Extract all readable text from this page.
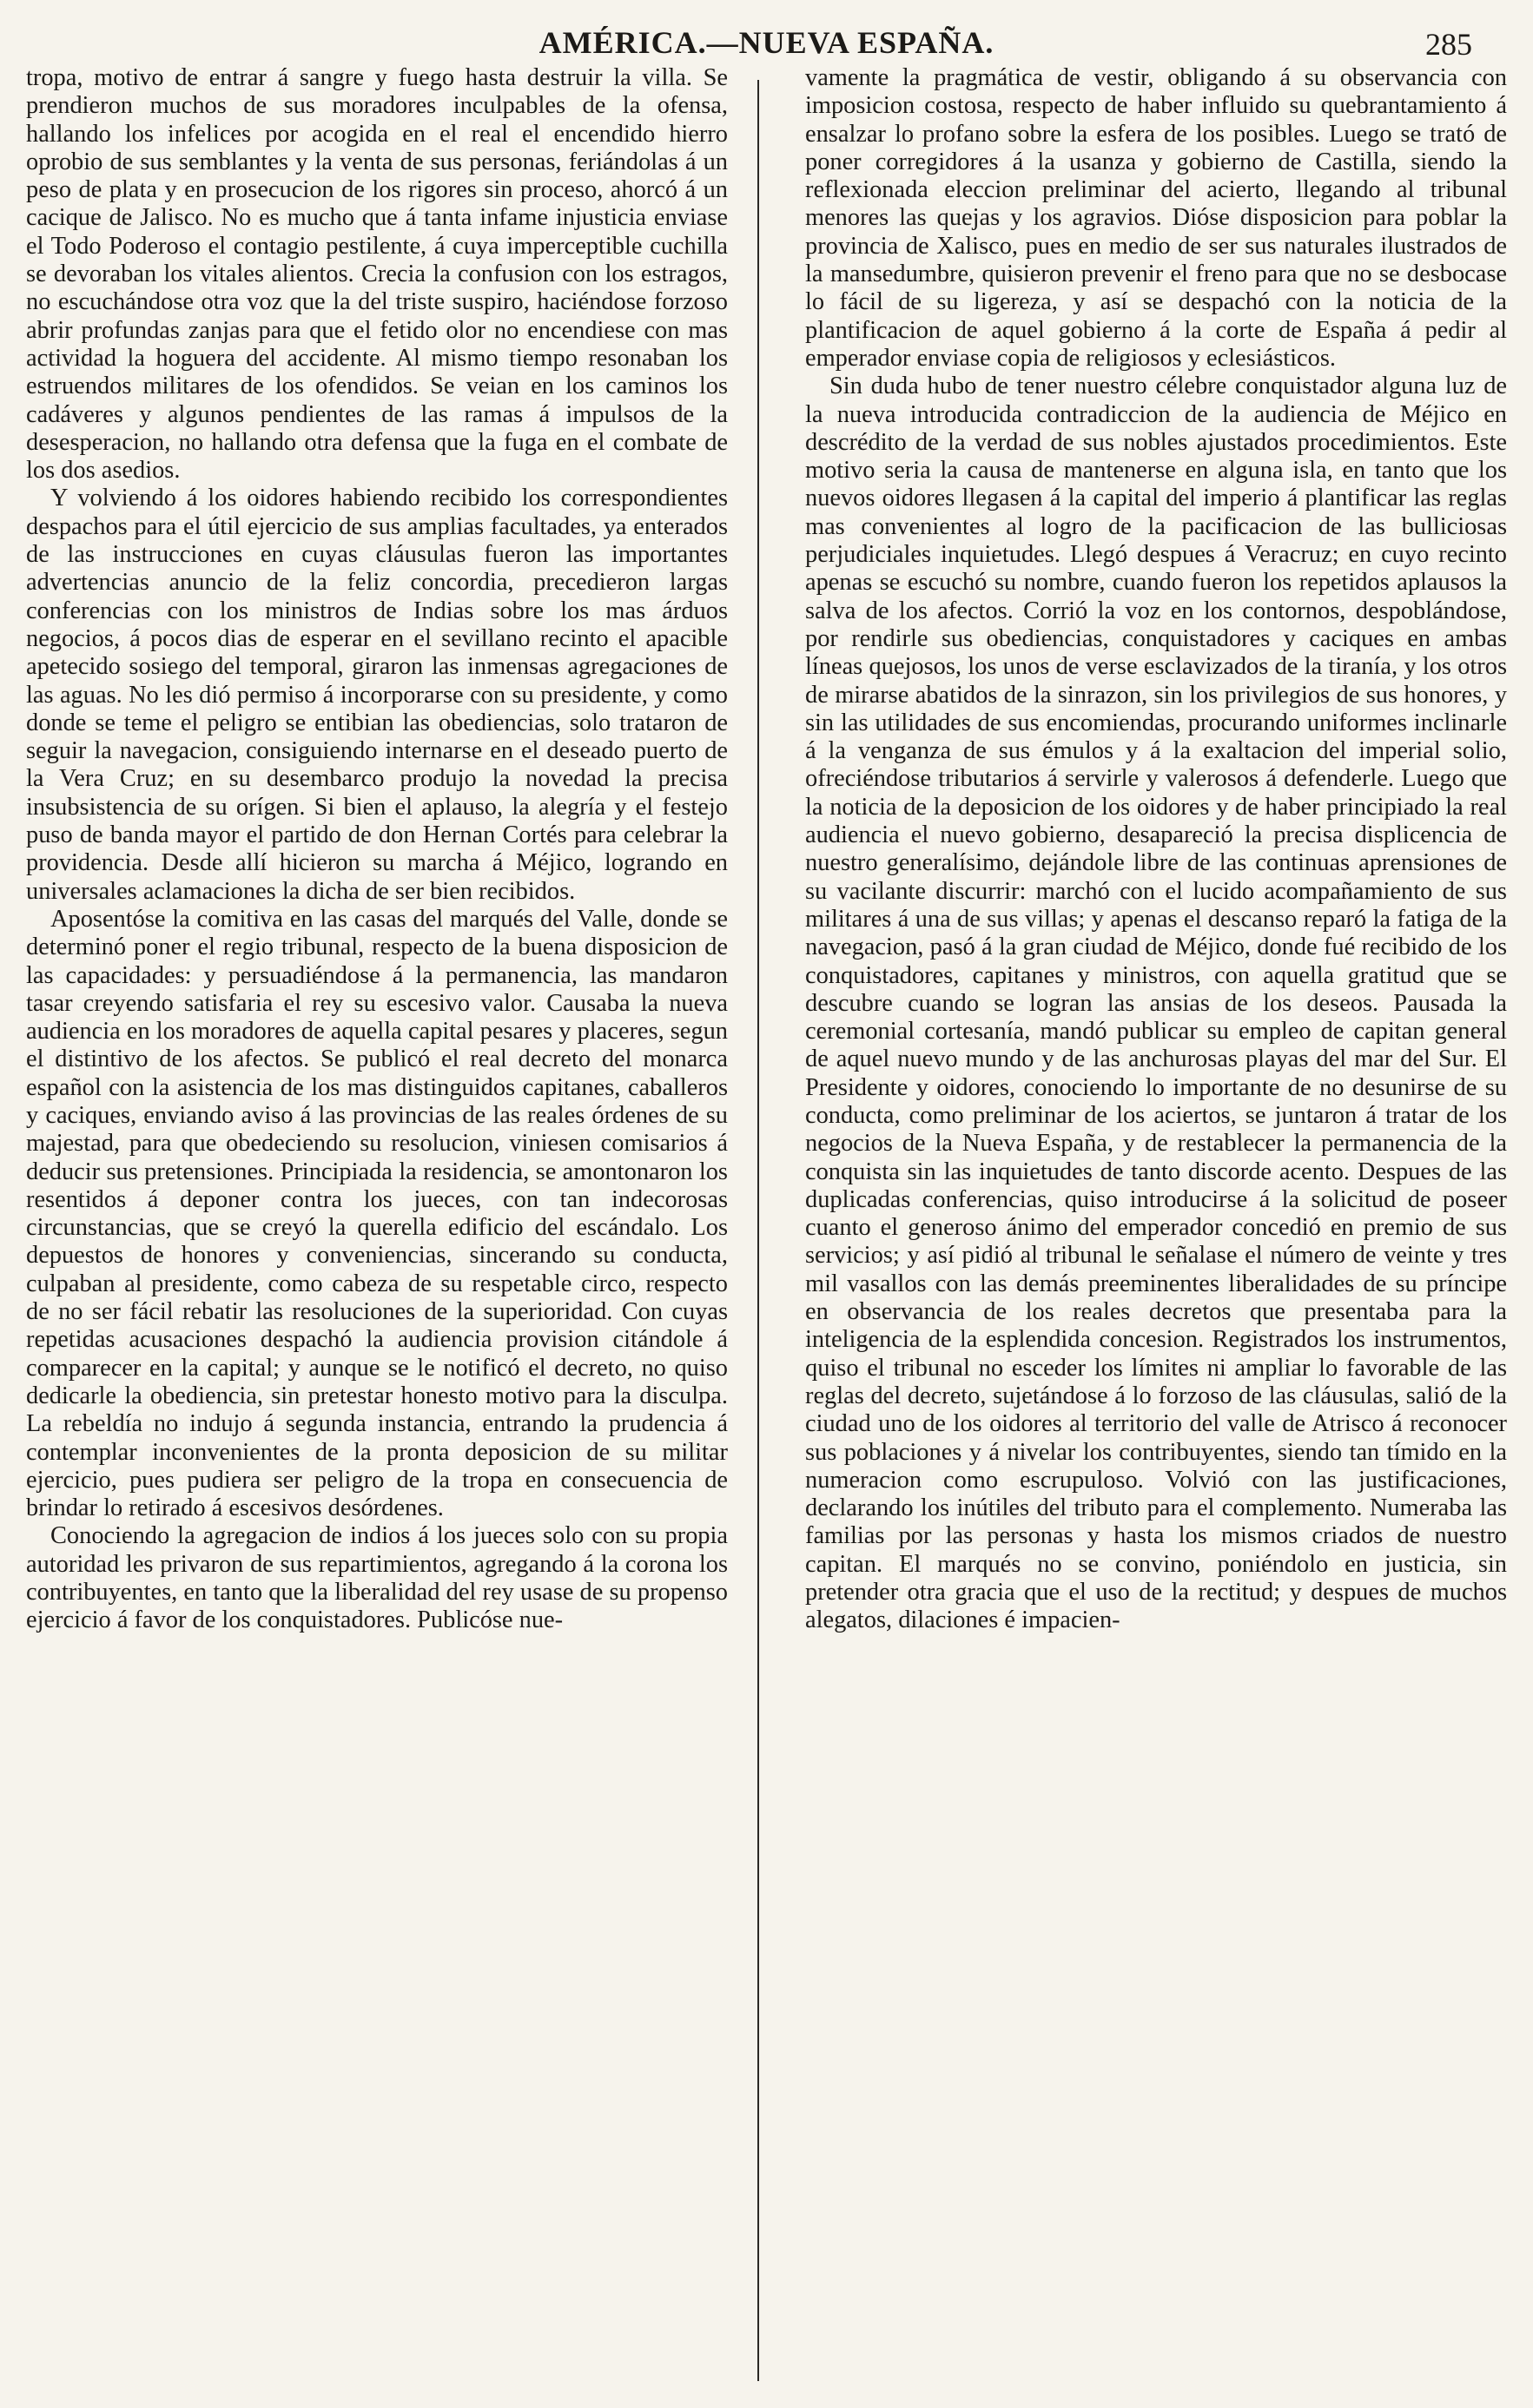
AMÉRICA.—NUEVA ESPAÑA.	285

tropa, motivo de entrar á sangre y fuego hasta destruir la villa. Se prendieron muchos de sus moradores inculpables de la ofensa, hallando los infelices por acogida en el real el encendido hierro oprobio de sus semblantes y la venta de sus personas, feriándolas á un peso de plata y en prosecucion de los rigores sin proceso, ahorcó á un cacique de Jalisco. No es mucho que á tanta infame injusticia enviase el Todo Poderoso el contagio pestilente, á cuya imperceptible cuchilla se devoraban los vitales alientos. Crecia la confusion con los estragos, no escuchándose otra voz que la del triste suspiro, haciéndose forzoso abrir profundas zanjas para que el fetido olor no encendiese con mas actividad la hoguera del accidente. Al mismo tiempo resonaban los estruendos militares de los ofendidos. Se veian en los caminos los cadáveres y algunos pendientes de las ramas á impulsos de la desesperacion, no hallando otra defensa que la fuga en el combate de los dos asedios.

Y volviendo á los oidores habiendo recibido los correspondientes despachos para el útil ejercicio de sus amplias facultades, ya enterados de las instrucciones en cuyas cláusulas fueron las importantes advertencias anuncio de la feliz concordia, precedieron largas conferencias con los ministros de Indias sobre los mas árduos negocios, á pocos dias de esperar en el sevillano recinto el apacible apetecido sosiego del temporal, giraron las inmensas agregaciones de las aguas. No les dió permiso á incorporarse con su presidente, y como donde se teme el peligro se entibian las obediencias, solo trataron de seguir la navegacion, consiguiendo internarse en el deseado puerto de la Vera Cruz; en su desembarco produjo la novedad la precisa insubsistencia de su orígen. Si bien el aplauso, la alegría y el festejo puso de banda mayor el partido de don Hernan Cortés para celebrar la providencia. Desde allí hicieron su marcha á Méjico, logrando en universales aclamaciones la dicha de ser bien recibidos.

Aposentóse la comitiva en las casas del marqués del Valle, donde se determinó poner el regio tribunal, respecto de la buena disposicion de las capacidades: y persuadiéndose á la permanencia, las mandaron tasar creyendo satisfaria el rey su escesivo valor. Causaba la nueva audiencia en los moradores de aquella capital pesares y placeres, segun el distintivo de los afectos. Se publicó el real decreto del monarca español con la asistencia de los mas distinguidos capitanes, caballeros y caciques, enviando aviso á las provincias de las reales órdenes de su majestad, para que obedeciendo su resolucion, viniesen comisarios á deducir sus pretensiones. Principiada la residencia, se amontonaron los resentidos á deponer contra los jueces, con tan indecorosas circunstancias, que se creyó la querella edificio del escándalo. Los depuestos de honores y conveniencias, sincerando su conducta, culpaban al presidente, como cabeza de su respetable circo, respecto de no ser fácil rebatir las resoluciones de la superioridad. Con cuyas repetidas acusaciones despachó la audiencia provision citándole á comparecer en la capital; y aunque se le notificó el decreto, no quiso dedicarle la obediencia, sin pretestar honesto motivo para la disculpa. La rebeldía no indujo á segunda instancia, entrando la prudencia á contemplar inconvenientes de la pronta deposicion de su militar ejercicio, pues pudiera ser peligro de la tropa en consecuencia de brindar lo retirado á escesivos desórdenes.

Conociendo la agregacion de indios á los jueces solo con su propia autoridad les privaron de sus repartimientos, agregando á la corona los contribuyentes, en tanto que la liberalidad del rey usase de su propenso ejercicio á favor de los conquistadores. Publicóse nue-

vamente la pragmática de vestir, obligando á su observancia con imposicion costosa, respecto de haber influido su quebrantamiento á ensalzar lo profano sobre la esfera de los posibles. Luego se trató de poner corregidores á la usanza y gobierno de Castilla, siendo la reflexionada eleccion preliminar del acierto, llegando al tribunal menores las quejas y los agravios. Dióse disposicion para poblar la provincia de Xalisco, pues en medio de ser sus naturales ilustrados de la mansedumbre, quisieron prevenir el freno para que no se desbocase lo fácil de su ligereza, y así se despachó con la noticia de la plantificacion de aquel gobierno á la corte de España á pedir al emperador enviase copia de religiosos y eclesiásticos.

Sin duda hubo de tener nuestro célebre conquistador alguna luz de la nueva introducida contradiccion de la audiencia de Méjico en descrédito de la verdad de sus nobles ajustados procedimientos. Este motivo seria la causa de mantenerse en alguna isla, en tanto que los nuevos oidores llegasen á la capital del imperio á plantificar las reglas mas convenientes al logro de la pacificacion de las bulliciosas perjudiciales inquietudes. Llegó despues á Veracruz; en cuyo recinto apenas se escuchó su nombre, cuando fueron los repetidos aplausos la salva de los afectos. Corrió la voz en los contornos, despoblándose, por rendirle sus obediencias, conquistadores y caciques en ambas líneas quejosos, los unos de verse esclavizados de la tiranía, y los otros de mirarse abatidos de la sinrazon, sin los privilegios de sus honores, y sin las utilidades de sus encomiendas, procurando uniformes inclinarle á la venganza de sus émulos y á la exaltacion del imperial solio, ofreciéndose tributarios á servirle y valerosos á defenderle. Luego que la noticia de la deposicion de los oidores y de haber principiado la real audiencia el nuevo gobierno, desapareció la precisa displicencia de nuestro generalísimo, dejándole libre de las continuas aprensiones de su vacilante discurrir: marchó con el lucido acompañamiento de sus militares á una de sus villas; y apenas el descanso reparó la fatiga de la navegacion, pasó á la gran ciudad de Méjico, donde fué recibido de los conquistadores, capitanes y ministros, con aquella gratitud que se descubre cuando se logran las ansias de los deseos. Pausada la ceremonial cortesanía, mandó publicar su empleo de capitan general de aquel nuevo mundo y de las anchurosas playas del mar del Sur. El Presidente y oidores, conociendo lo importante de no desunirse de su conducta, como preliminar de los aciertos, se juntaron á tratar de los negocios de la Nueva España, y de restablecer la permanencia de la conquista sin las inquietudes de tanto discorde acento. Despues de las duplicadas conferencias, quiso introducirse á la solicitud de poseer cuanto el generoso ánimo del emperador concedió en premio de sus servicios; y así pidió al tribunal le señalase el número de veinte y tres mil vasallos con las demás preeminentes liberalidades de su príncipe en observancia de los reales decretos que presentaba para la inteligencia de la esplendida concesion. Registrados los instrumentos, quiso el tribunal no esceder los límites ni ampliar lo favorable de las reglas del decreto, sujetándose á lo forzoso de las cláusulas, salió de la ciudad uno de los oidores al territorio del valle de Atrisco á reconocer sus poblaciones y á nivelar los contribuyentes, siendo tan tímido en la numeracion como escrupuloso. Volvió con las justificaciones, declarando los inútiles del tributo para el complemento. Numeraba las familias por las personas y hasta los mismos criados de nuestro capitan. El marqués no se convino, poniéndolo en justicia, sin pretender otra gracia que el uso de la rectitud; y despues de muchos alegatos, dilaciones é impacien-
